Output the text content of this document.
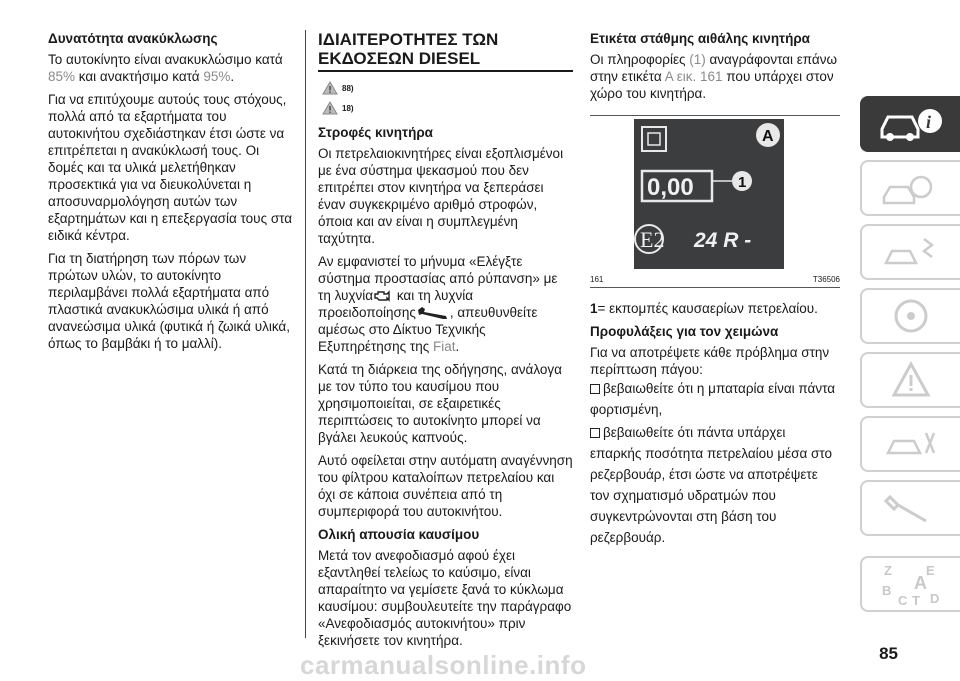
Δυνατότητα ανακύκλωσης

Το αυτοκίνητο είναι ανακυκλώσιμο κατά 85% και ανακτήσιμο κατά 95%.

Για να επιτύχουμε αυτούς τους στόχους, πολλά από τα εξαρτήματα του αυτοκινήτου σχεδιάστηκαν έτσι ώστε να επιτρέπεται η ανακύκλωσή τους. Οι δομές και τα υλικά μελετήθηκαν προσεκτικά για να διευκολύνεται η αποσυναρμολόγηση αυτών των εξαρτημάτων και η επεξεργασία τους στα ειδικά κέντρα.

Για τη διατήρηση των πόρων των πρώτων υλών, το αυτοκίνητο περιλαμβάνει πολλά εξαρτήματα από πλαστικά ανακυκλώσιμα υλικά ή από ανανεώσιμα υλικά (φυτικά ή ζωικά υλικά, όπως το βαμβάκι ή το μαλλί).

ΙΔΙΑΙΤΕΡΟΤΗΤΕΣ ΤΩΝ
ΕΚΔΟΣΕΩΝ DIESEL
88)
18)
Στροφές κινητήρα

Οι πετρελαιοκινητήρες είναι εξοπλισμένοι με ένα σύστημα ψεκασμού που δεν επιτρέπει στον κινητήρα να ξεπεράσει έναν συγκεκριμένο αριθμό στροφών, όποια και αν είναι η συμπλεγμένη ταχύτητα.

Αν εμφανιστεί το μήνυμα «Ελέγξτε σύστημα προστασίας από ρύπανση» με τη λυχνία και τη λυχνία προειδοποίησης	, απευθυνθείτε αμέσως στο Δίκτυο Τεχνικής Εξυπηρέτησης της Fiat.

Κατά τη διάρκεια της οδήγησης, ανάλογα με τον τύπο του καυσίμου που χρησιμοποιείται, σε εξαιρετικές περιπτώσεις το αυτοκίνητο μπορεί να βγάλει λευκούς καπνούς.

Αυτό οφείλεται στην αυτόματη αναγέννηση του φίλτρου καταλοίπων πετρελαίου και όχι σε κάποια συνέπεια από τη συμπεριφορά του αυτοκινήτου.

Ολική απουσία καυσίμου

Μετά τον ανεφοδιασμό αφού έχει εξαντληθεί τελείως το καύσιμο, είναι απαραίτητο να γεμίσετε ξανά το κύκλωμα καυσίμου: συμβουλευτείτε την παράγραφο «Ανεφοδιασμός αυτοκινήτου» πριν ξεκινήσετε τον κινητήρα.

Ετικέτα στάθμης αιθάλης κινητήρα

Οι πληροφορίες (1) αναγράφονται επάνω στην ετικέτα Α εικ. 161 που υπάρχει στον χώρο του κινητήρα.

0,00
E2 24 R -
A
1
161	T36506

1= εκπομπές καυσαερίων πετρελαίου.

Προφυλάξεις για τον χειμώνα

Για να αποτρέψετε κάθε πρόβλημα στην περίπτωση πάγου:

βεβαιωθείτε ότι η μπαταρία είναι πάντα φορτισμένη,

βεβαιωθείτε ότι πάντα υπάρχει επαρκής ποσότητα πετρελαίου μέσα στο ρεζερβουάρ, έτσι ώστε να αποτρέψετε τον σχηματισμό υδρατμών που συγκεντρώνονται στη βάση του ρεζερβουάρ.

i
Z	E
B
C T D
A
85
carmanualsonline.info
